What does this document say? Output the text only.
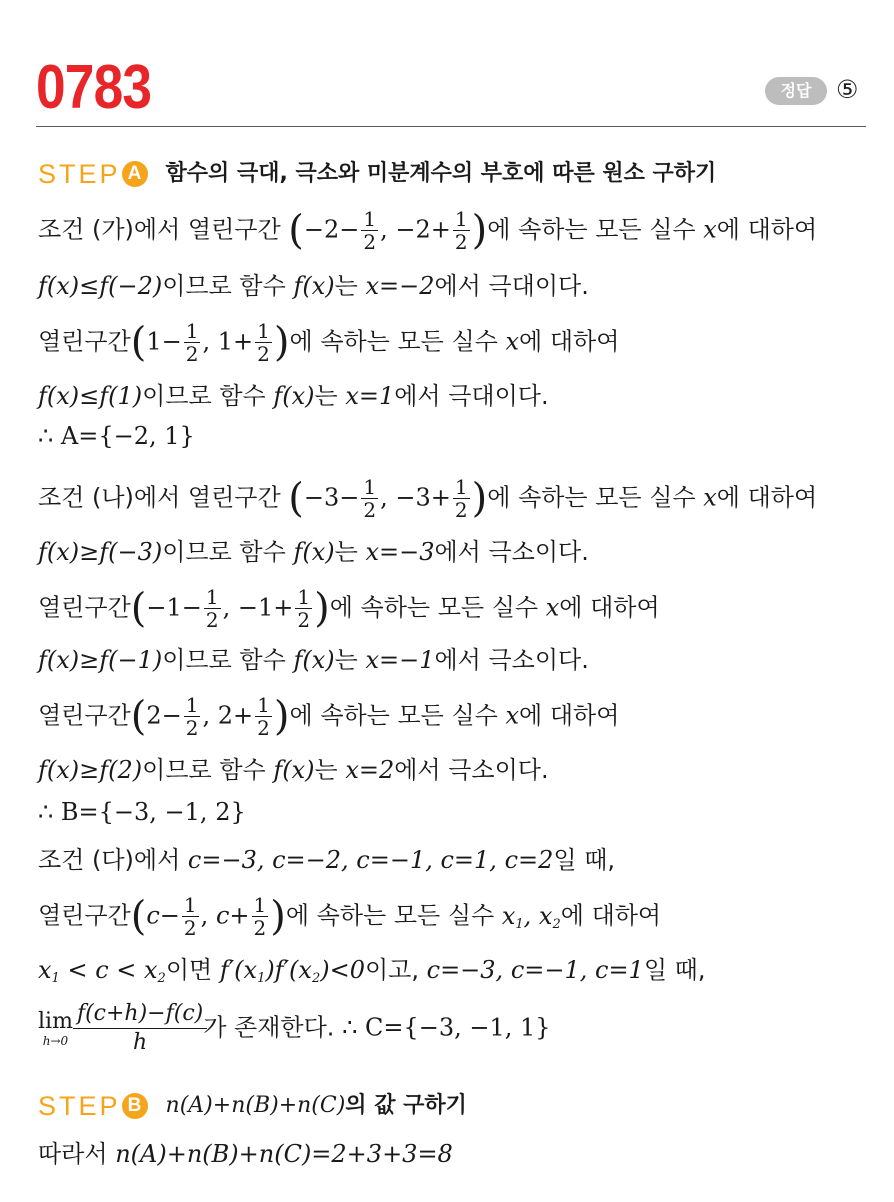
0783	정답 ⑤
STEP A 함수의 극대, 극소와 미분계수의 부호에 따른 원소 구하기
조건 (가)에서 열린구간 ($-2- \frac{1}{2}$ , $-2+ \frac{1}{2}$ )에 속하는 모든 실수 x에 대하여
f(x)≤f(−2)이므로 함수 f(x)는 x=−2에서 극대이다.
열린구간($1- \frac{1}{2}$ , $1+ \frac{1}{2}$ )에 속하는 모든 실수 x에 대하여
f(x)≤f(1)이므로 함수 f(x)는 x=1에서 극대이다.
∴ A={−2, 1}
조건 (나)에서 열린구간 ($-3- \frac{1}{2}$ , $-3+ \frac{1}{2}$ )에 속하는 모든 실수 x에 대하여
f(x)≥f(−3)이므로 함수 f(x)는 x=−3에서 극소이다.
열린구간($-1- \frac{1}{2}$ , $-1+ \frac{1}{2}$ )에 속하는 모든 실수 x에 대하여
f(x)≥f(−1)이므로 함수 f(x)는 x=−1에서 극소이다.
열린구간($2- \frac{1}{2}$ , $2+ \frac{1}{2}$ )에 속하는 모든 실수 x에 대하여
f(x)≥f(2)이므로 함수 f(x)는 x=2에서 극소이다.
∴ B={−3, −1, 2}
조건 (다)에서 c=−3, c=−2, c=−1, c=1, c=2일 때,
열린구간($c- \frac{1}{2}$ , $c+ \frac{1}{2}$ )에 속하는 모든 실수 $x_1$, $x_2$에 대하여
$x_1 < c < x_2$이면 $f'(x_1)f'(x_2)<0$이고, c=−3, c=−1, c=1일 때,
lim
$h\to 0 \frac{f(c+h)-f(c)}{h}$ 가 존재한다. ∴ C={−3, −1, 1}
STEP B n(A)+n(B)+n(C) 의 값 구하기
따라서 n(A)+n(B)+n(C)=2+3+3=8
